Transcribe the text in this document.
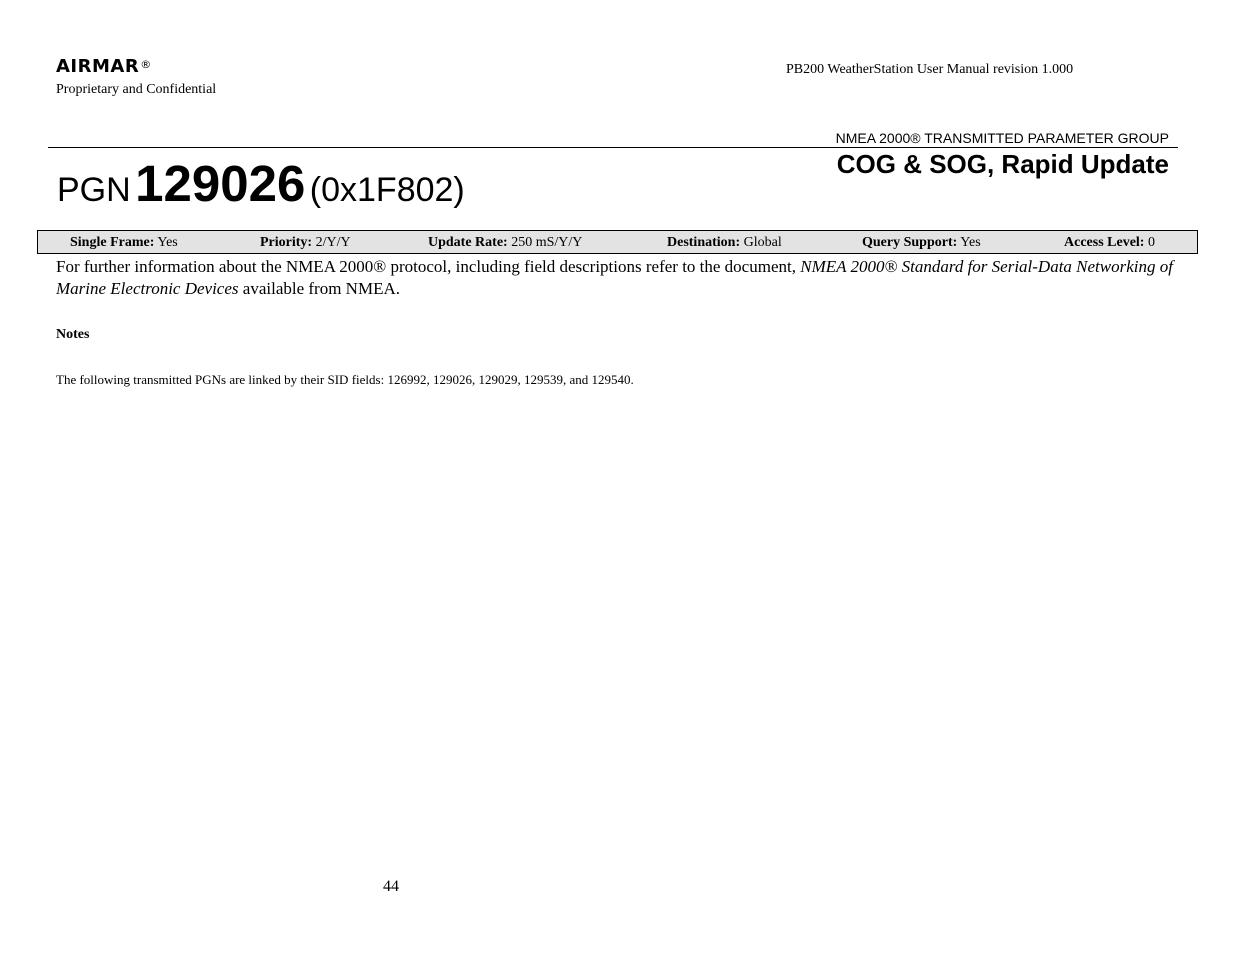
AIRMAR®
Proprietary and Confidential
PB200 WeatherStation User Manual revision 1.000
NMEA 2000® TRANSMITTED PARAMETER GROUP
PGN 129026 (0x1F802)
COG & SOG, Rapid Update
Single Frame: Yes	Priority: 2/Y/Y	Update Rate: 250 mS/Y/Y	Destination: Global	Query Support: Yes	Access Level: 0
For further information about the NMEA 2000® protocol, including field descriptions refer to the document, NMEA 2000® Standard for Serial-Data Networking of Marine Electronic Devices available from NMEA.
Notes
The following transmitted PGNs are linked by their SID fields: 126992, 129026, 129029, 129539, and 129540.
44
